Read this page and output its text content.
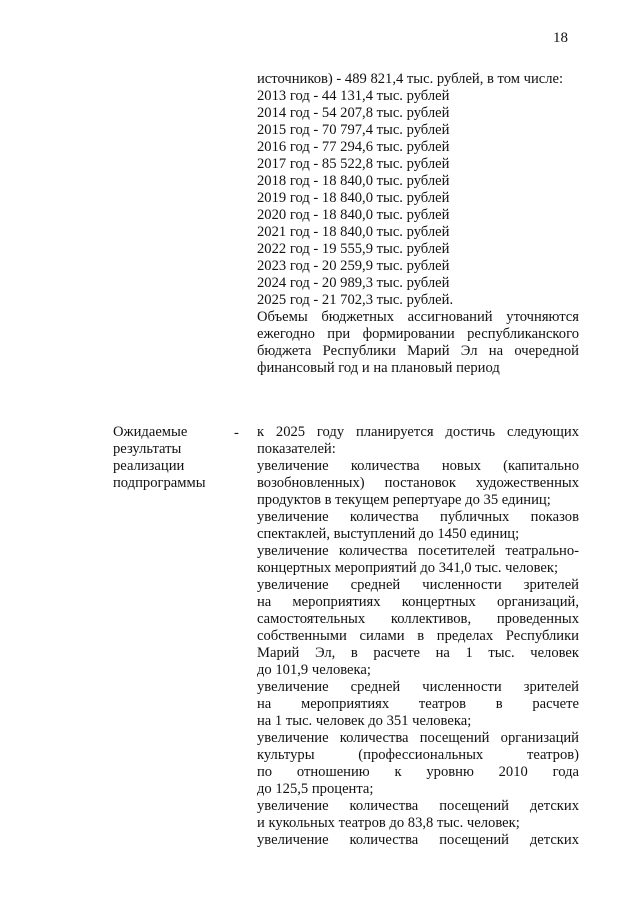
18
источников) - 489 821,4 тыс. рублей, в том числе:
2013 год - 44 131,4 тыс. рублей
2014 год - 54 207,8 тыс. рублей
2015 год - 70 797,4 тыс. рублей
2016 год - 77 294,6 тыс. рублей
2017 год - 85 522,8 тыс. рублей
2018 год - 18 840,0 тыс. рублей
2019 год - 18 840,0 тыс. рублей
2020 год - 18 840,0 тыс. рублей
2021 год - 18 840,0 тыс. рублей
2022 год - 19 555,9 тыс. рублей
2023 год - 20 259,9 тыс. рублей
2024 год - 20 989,3 тыс. рублей
2025 год - 21 702,3 тыс. рублей.
Объемы бюджетных ассигнований уточняются
ежегодно при формировании республиканского
бюджета Республики Марий Эл на очередной
финансовый год и на плановый период
Ожидаемые
результаты
реализации
подпрограммы
- к 2025 году планируется достичь следующих
показателей:
увеличение количества новых (капитально
возобновленных) постановок художественных
продуктов в текущем репертуаре до 35 единиц;
увеличение количества публичных показов
спектаклей, выступлений до 1450 единиц;
увеличение количества посетителей театрально-
концертных мероприятий до 341,0 тыс. человек;
увеличение средней численности зрителей
на мероприятиях концертных организаций,
самостоятельных коллективов, проведенных
собственными силами в пределах Республики
Марий Эл, в расчете на 1 тыс. человек
до 101,9 человека;
увеличение средней численности зрителей
на мероприятиях театров в расчете
на 1 тыс. человек до 351 человека;
увеличение количества посещений организаций
культуры (профессиональных театров)
по отношению к уровню 2010 года
до 125,5 процента;
увеличение количества посещений детских
и кукольных театров до 83,8 тыс. человек;
увеличение количества посещений детских
